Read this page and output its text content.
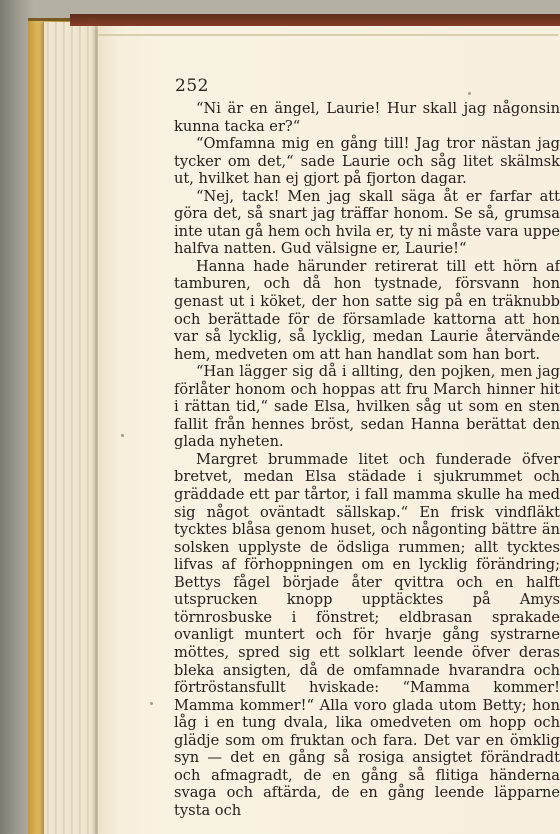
252

“Ni är en ängel, Laurie! Hur skall jag någonsin kunna tacka er?“

“Omfamna mig en gång till! Jag tror nästan jag tycker om det,“ sade Laurie och såg litet skälmsk ut, hvilket han ej gjort på fjorton dagar.

“Nej, tack! Men jag skall säga åt er farfar att göra det, så snart jag träffar honom. Se så, grumsa inte utan gå hem och hvila er, ty ni måste vara uppe halfva natten. Gud välsigne er, Laurie!“

Hanna hade härunder retirerat till ett hörn af tamburen, och då hon tystnade, försvann hon genast ut i köket, der hon satte sig på en träknubb och berättade för de församlade kattorna att hon var så lycklig, så lycklig, medan Laurie återvände hem, medveten om att han handlat som han bort.

“Han lägger sig då i allting, den pojken, men jag förlåter honom och hoppas att fru March hinner hit i rättan tid,“ sade Elsa, hvilken såg ut som en sten fallit från hennes bröst, sedan Hanna berättat den glada nyheten.

Margret brummade litet och funderade öfver bretvet, medan Elsa städade i sjukrummet och gräddade ett par tårtor, i fall mamma skulle ha med sig något oväntadt sällskap.“ En frisk vindfläkt tycktes blåsa genom huset, och någonting bättre än solsken upplyste de ödsliga rummen; allt tycktes lifvas af förhoppningen om en lycklig förändring; Bettys fågel började åter qvittra och en halft utsprucken knopp upptäcktes på Amys törnrosbuske i fönstret; eldbrasan sprakade ovanligt muntert och för hvarje gång systrarne möttes, spred sig ett solklart leende öfver deras bleka ansigten, då de omfamnade hvarandra och förtröstansfullt hviskade: “Mamma kommer! Mamma kommer!“ Alla voro glada utom Betty; hon låg i en tung dvala, lika omedveten om hopp och glädje som om fruktan och fara. Det var en ömklig syn — det en gång så rosiga ansigtet förändradt och afmagradt, de en gång så flitiga händerna svaga och aftärda, de en gång leende läpparne tysta och
